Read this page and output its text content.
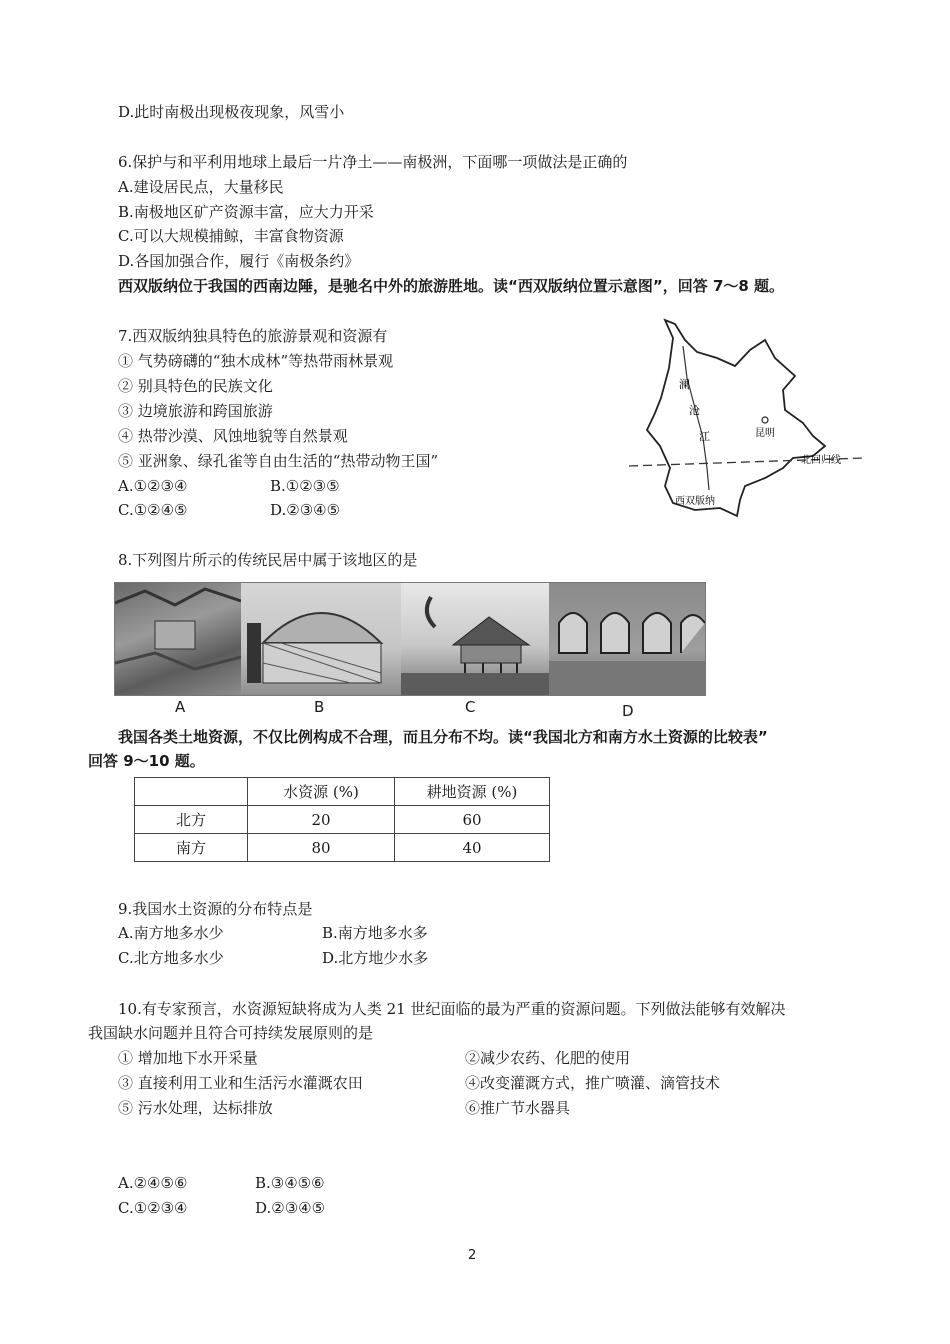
D.此时南极出现极夜现象，风雪小
6.保护与和平利用地球上最后一片净土——南极洲，下面哪一项做法是正确的
A.建设居民点，大量移民
B.南极地区矿产资源丰富，应大力开采
C.可以大规模捕鲸，丰富食物资源
D.各国加强合作，履行《南极条约》
西双版纳位于我国的西南边陲，是驰名中外的旅游胜地。读“西双版纳位置示意图”，回答 7～8 题。
7.西双版纳独具特色的旅游景观和资源有
① 气势磅礴的“独木成林”等热带雨林景观
② 别具特色的民族文化
③ 边境旅游和跨国旅游
④ 热带沙漠、风蚀地貌等自然景观
⑤ 亚洲象、绿孔雀等自由生活的“热带动物王国”
A.①②③④	B.①②③⑤
C.①②④⑤	D.②③④⑤
澜
沧
江	昆明
北回归线
西双版纳
8.下列图片所示的传统民居中属于该地区的是
A	B	C	D
我国各类土地资源，不仅比例构成不合理，而且分布不均。读“我国北方和南方水土资源的比较表”
回答 9～10 题。
	水资源 (%)	耕地资源 (%)
北方	20	60
南方	80	40
9.我国水土资源的分布特点是
A.南方地多水少	B.南方地多水多
C.北方地多水少	D.北方地少水多
10.有专家预言，水资源短缺将成为人类 21 世纪面临的最为严重的资源问题。下列做法能够有效解决
我国缺水问题并且符合可持续发展原则的是
① 增加地下水开采量	②减少农药、化肥的使用
③ 直接利用工业和生活污水灌溉农田	④改变灌溉方式，推广喷灌、滴管技术
⑤ 污水处理，达标排放	⑥推广节水器具
A.②④⑤⑥	B.③④⑤⑥
C.①②③④	D.②③④⑤
2
